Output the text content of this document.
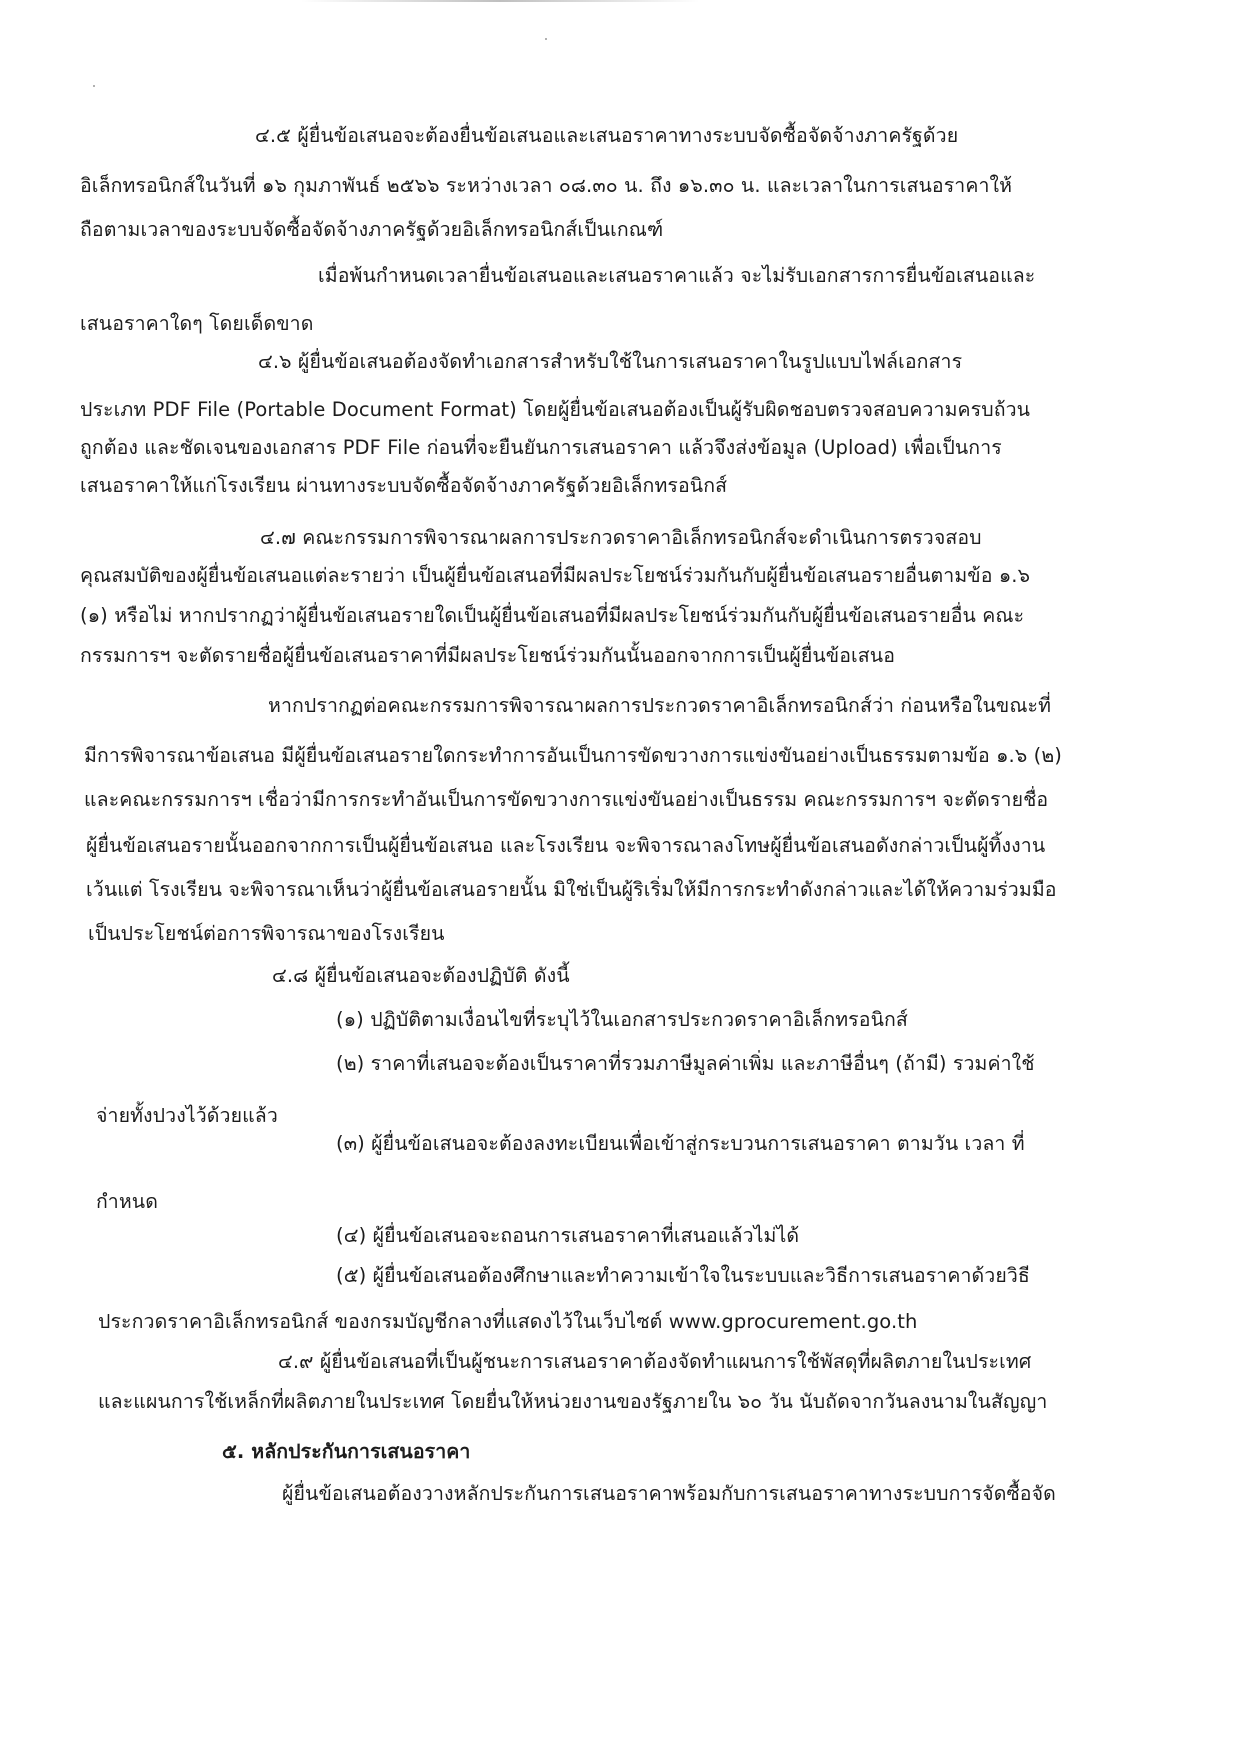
๔.๕ ผู้ยื่นข้อเสนอจะต้องยื่นข้อเสนอและเสนอราคาทางระบบจัดซื้อจัดจ้างภาครัฐด้วย
อิเล็กทรอนิกส์ในวันที่ ๑๖ กุมภาพันธ์ ๒๕๖๖ ระหว่างเวลา ๐๘.๓๐ น. ถึง ๑๖.๓๐ น. และเวลาในการเสนอราคาให้
ถือตามเวลาของระบบจัดซื้อจัดจ้างภาครัฐด้วยอิเล็กทรอนิกส์เป็นเกณฑ์
เมื่อพ้นกำหนดเวลายื่นข้อเสนอและเสนอราคาแล้ว จะไม่รับเอกสารการยื่นข้อเสนอและ
เสนอราคาใดๆ โดยเด็ดขาด
๔.๖ ผู้ยื่นข้อเสนอต้องจัดทำเอกสารสำหรับใช้ในการเสนอราคาในรูปแบบไฟล์เอกสาร
ประเภท PDF File (Portable Document Format) โดยผู้ยื่นข้อเสนอต้องเป็นผู้รับผิดชอบตรวจสอบความครบถ้วน
ถูกต้อง และชัดเจนของเอกสาร PDF File ก่อนที่จะยืนยันการเสนอราคา แล้วจึงส่งข้อมูล (Upload) เพื่อเป็นการ
เสนอราคาให้แก่โรงเรียน ผ่านทางระบบจัดซื้อจัดจ้างภาครัฐด้วยอิเล็กทรอนิกส์
๔.๗ คณะกรรมการพิจารณาผลการประกวดราคาอิเล็กทรอนิกส์จะดำเนินการตรวจสอบ
คุณสมบัติของผู้ยื่นข้อเสนอแต่ละรายว่า เป็นผู้ยื่นข้อเสนอที่มีผลประโยชน์ร่วมกันกับผู้ยื่นข้อเสนอรายอื่นตามข้อ ๑.๖
(๑) หรือไม่ หากปรากฏว่าผู้ยื่นข้อเสนอรายใดเป็นผู้ยื่นข้อเสนอที่มีผลประโยชน์ร่วมกันกับผู้ยื่นข้อเสนอรายอื่น คณะ
กรรมการฯ จะตัดรายชื่อผู้ยื่นข้อเสนอราคาที่มีผลประโยชน์ร่วมกันนั้นออกจากการเป็นผู้ยื่นข้อเสนอ
หากปรากฏต่อคณะกรรมการพิจารณาผลการประกวดราคาอิเล็กทรอนิกส์ว่า ก่อนหรือในขณะที่
มีการพิจารณาข้อเสนอ มีผู้ยื่นข้อเสนอรายใดกระทำการอันเป็นการขัดขวางการแข่งขันอย่างเป็นธรรมตามข้อ ๑.๖ (๒)
และคณะกรรมการฯ เชื่อว่ามีการกระทำอันเป็นการขัดขวางการแข่งขันอย่างเป็นธรรม คณะกรรมการฯ จะตัดรายชื่อ
ผู้ยื่นข้อเสนอรายนั้นออกจากการเป็นผู้ยื่นข้อเสนอ และโรงเรียน จะพิจารณาลงโทษผู้ยื่นข้อเสนอดังกล่าวเป็นผู้ทิ้งงาน
เว้นแต่ โรงเรียน จะพิจารณาเห็นว่าผู้ยื่นข้อเสนอรายนั้น มิใช่เป็นผู้ริเริ่มให้มีการกระทำดังกล่าวและได้ให้ความร่วมมือ
เป็นประโยชน์ต่อการพิจารณาของโรงเรียน
๔.๘ ผู้ยื่นข้อเสนอจะต้องปฏิบัติ ดังนี้
(๑) ปฏิบัติตามเงื่อนไขที่ระบุไว้ในเอกสารประกวดราคาอิเล็กทรอนิกส์
(๒) ราคาที่เสนอจะต้องเป็นราคาที่รวมภาษีมูลค่าเพิ่ม และภาษีอื่นๆ (ถ้ามี) รวมค่าใช้
จ่ายทั้งปวงไว้ด้วยแล้ว
(๓) ผู้ยื่นข้อเสนอจะต้องลงทะเบียนเพื่อเข้าสู่กระบวนการเสนอราคา ตามวัน เวลา ที่
กำหนด
(๔) ผู้ยื่นข้อเสนอจะถอนการเสนอราคาที่เสนอแล้วไม่ได้
(๕) ผู้ยื่นข้อเสนอต้องศึกษาและทำความเข้าใจในระบบและวิธีการเสนอราคาด้วยวิธี
ประกวดราคาอิเล็กทรอนิกส์ ของกรมบัญชีกลางที่แสดงไว้ในเว็บไซต์ www.gprocurement.go.th
๔.๙ ผู้ยื่นข้อเสนอที่เป็นผู้ชนะการเสนอราคาต้องจัดทำแผนการใช้พัสดุที่ผลิตภายในประเทศ
และแผนการใช้เหล็กที่ผลิตภายในประเทศ โดยยื่นให้หน่วยงานของรัฐภายใน ๖๐ วัน นับถัดจากวันลงนามในสัญญา
๕. หลักประกันการเสนอราคา
ผู้ยื่นข้อเสนอต้องวางหลักประกันการเสนอราคาพร้อมกับการเสนอราคาทางระบบการจัดซื้อจัด
